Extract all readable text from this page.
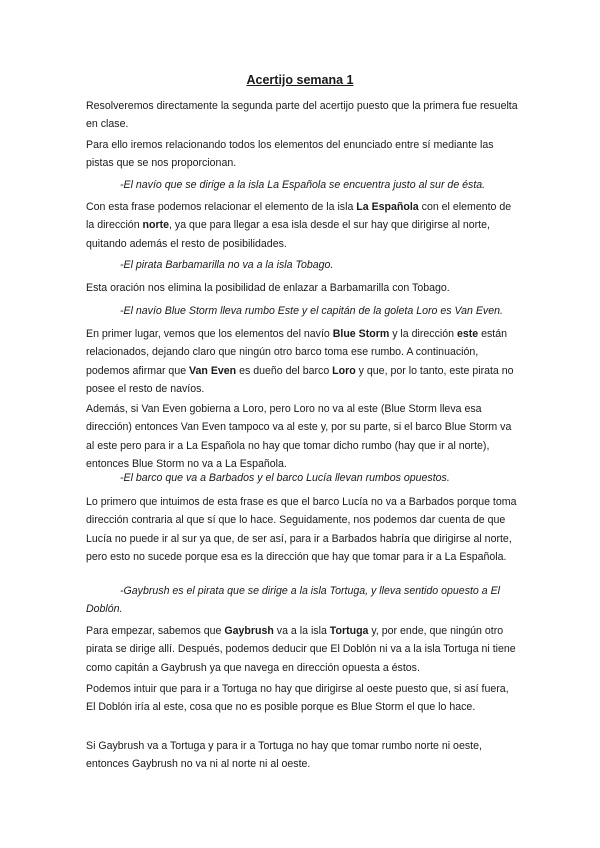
Acertijo semana 1

Resolveremos directamente la segunda parte del acertijo puesto que la primera fue resuelta en clase.

Para ello iremos relacionando todos los elementos del enunciado entre sí mediante las pistas que se nos proporcionan.

-El navío que se dirige a la isla La Española se encuentra justo al sur de ésta.

Con esta frase podemos relacionar el elemento de la isla La Española con el elemento de la dirección norte, ya que para llegar a esa isla desde el sur hay que dirigirse al norte, quitando además el resto de posibilidades.

-El pirata Barbamarilla no va a la isla Tobago.

Esta oración nos elimina la posibilidad de enlazar a Barbamarilla con Tobago.

-El navío Blue Storm lleva rumbo Este y el capitán de la goleta Loro es Van Even.

En primer lugar, vemos que los elementos del navío Blue Storm y la dirección este están relacionados, dejando claro que ningún otro barco toma ese rumbo. A continuación, podemos afirmar que Van Even es dueño del barco Loro y que, por lo tanto, este pirata no posee el resto de navíos.

Además, si Van Even gobierna a Loro, pero Loro no va al este (Blue Storm lleva esa dirección) entonces Van Even tampoco va al este y, por su parte, si el barco Blue Storm va al este pero para ir a La Española no hay que tomar dicho rumbo (hay que ir al norte), entonces Blue Storm no va a La Española.

-El barco que va a Barbados y el barco Lucía llevan rumbos opuestos.

Lo primero que intuimos de esta frase es que el barco Lucía no va a Barbados porque toma dirección contraria al que sí que lo hace. Seguidamente, nos podemos dar cuenta de que Lucía no puede ir al sur ya que, de ser así, para ir a Barbados habría que dirigirse al norte, pero esto no sucede porque esa es la dirección que hay que tomar para ir a La Española.

-Gaybrush es el pirata que se dirige a la isla Tortuga, y lleva sentido opuesto a El Doblón.

Para empezar, sabemos que Gaybrush va a la isla Tortuga y, por ende, que ningún otro pirata se dirige allí. Después, podemos deducir que El Doblón ni va a la isla Tortuga ni tiene como capitán a Gaybrush ya que navega en dirección opuesta a éstos.

Podemos intuir que para ir a Tortuga no hay que dirigirse al oeste puesto que, si así fuera, El Doblón iría al este, cosa que no es posible porque es Blue Storm el que lo hace.

Si Gaybrush va a Tortuga y para ir a Tortuga no hay que tomar rumbo norte ni oeste, entonces Gaybrush no va ni al norte ni al oeste.
